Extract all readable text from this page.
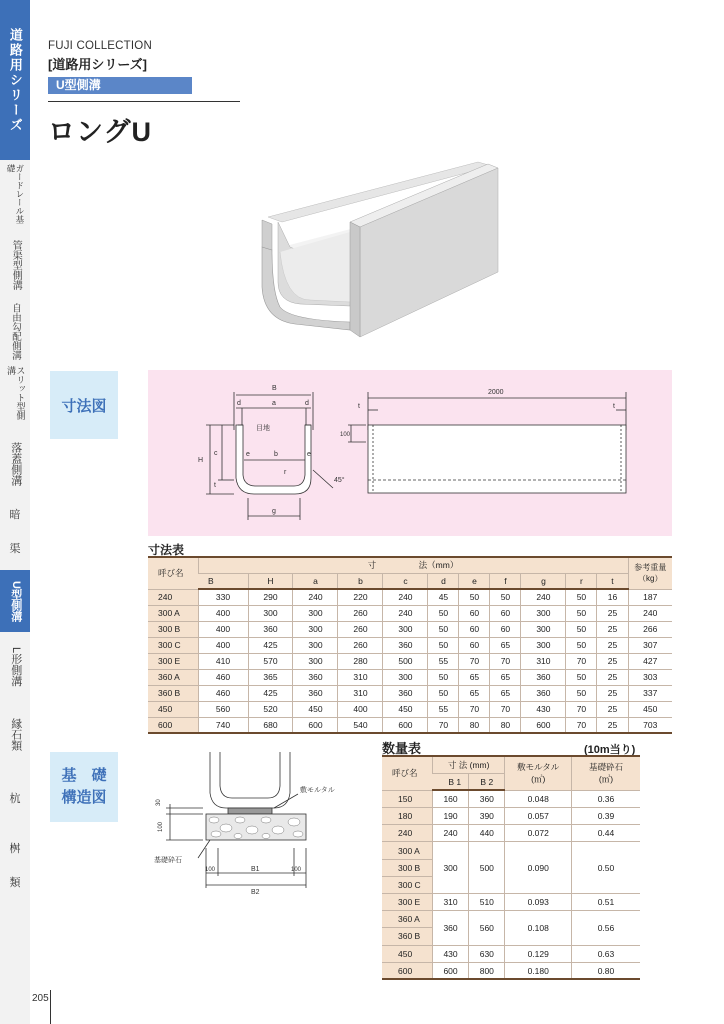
道路用シリーズ
ガードレール基礎
管渠型側溝
自由勾配側溝
スリット型側溝
落蓋側溝
暗
渠
U型側溝
L形側溝
縁石類
杭
桝
類
205
FUJI COLLECTION
[道路用シリーズ]
U型側溝
ロングU
寸法図
B
d	a	d
目地
c
H
e	b	e
r
t
g
45°
2000
t	t
100
寸法表
呼び名	寸　　　　　法（mm）											参考重量
（kg）
	B	H	a	b	c	d	e	f	g	r	t	
240	330	290	240	220	240	45	50	50	240	50	16	187
300 A	400	300	300	260	240	50	60	60	300	50	25	240
300 B	400	360	300	260	300	50	60	60	300	50	25	266
300 C	400	425	300	260	360	50	60	65	300	50	25	307
300 E	410	570	300	280	500	55	70	70	310	70	25	427
360 A	460	365	360	310	300	50	65	65	360	50	25	303
360 B	460	425	360	310	360	50	65	65	360	50	25	337
450	560	520	450	400	450	55	70	70	430	70	25	450
600	740	680	600	540	600	70	80	80	600	70	25	703
基　礎
構造図	敷モルタル
基礎砕石
30
100
100	B1	100
B2
数量表	(10m当り)
呼び名	寸 法 (mm)		敷モルタル
(㎥)	基礎砕石
(㎥)
	B 1	B 2		
150	160	360	0.048	0.36
180	190	390	0.057	0.39
240	240	440	0.072	0.44
300 A	300	500	0.090	0.50
300 B				
300 C				
300 E	310	510	0.093	0.51
360 A	360	560	0.108	0.56
360 B				
450	430	630	0.129	0.63
600	600	800	0.180	0.80
